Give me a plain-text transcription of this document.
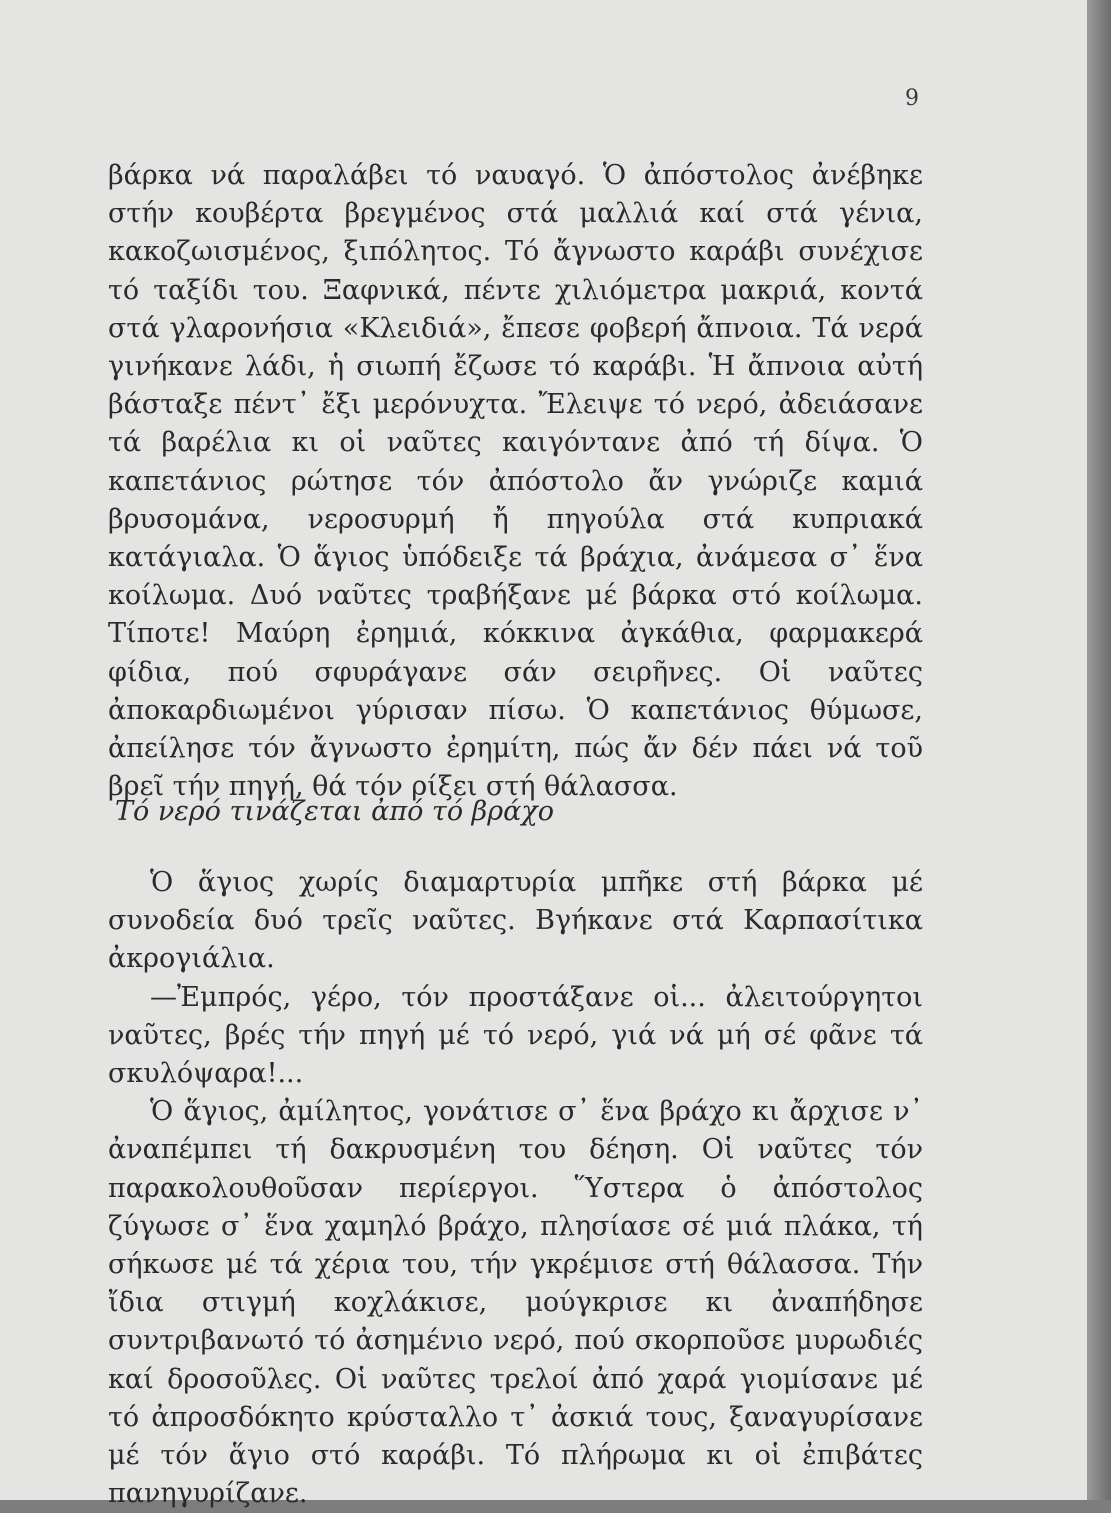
9

βάρκα νά παραλάβει τό ναυαγό. Ὁ ἀπόστολος ἀνέβηκε στήν κουβέρτα βρεγμένος στά μαλλιά καί στά γένια, κακοζωισμένος, ξιπόλητος. Τό ἄγνωστο καράβι συνέχισε τό ταξίδι του. Ξαφνικά, πέντε χιλιόμετρα μακριά, κοντά στά γλαρονήσια «Κλειδιά», ἔπεσε φοβερή ἄπνοια. Τά νερά γινήκανε λάδι, ἡ σιωπή ἔζωσε τό καράβι. Ἡ ἄπνοια αὐτή βάσταξε πέντ᾿ ἔξι μερόνυχτα. Ἔλειψε τό νερό, ἀδειάσανε τά βαρέλια κι οἱ ναῦτες καιγόντανε ἀπό τή δίψα. Ὁ καπετάνιος ρώτησε τόν ἀπόστολο ἄν γνώριζε καμιά βρυσομάνα, νεροσυρμή ἤ πηγούλα στά κυπριακά κατάγιαλα. Ὁ ἅγιος ὑπόδειξε τά βράχια, ἀνάμεσα σ᾿ ἕνα κοίλωμα. Δυό ναῦτες τραβήξανε μέ βάρκα στό κοίλωμα. Τίποτε! Μαύρη ἐρημιά, κόκκινα ἀγκάθια, φαρμακερά φίδια, πού σφυράγανε σάν σειρῆνες. Οἱ ναῦτες ἀποκαρδιωμένοι γύρισαν πίσω. Ὁ καπετάνιος θύμωσε, ἀπείλησε τόν ἄγνωστο ἐρημίτη, πώς ἄν δέν πάει νά τοῦ βρεῖ τήν πηγή, θά τόν ρίξει στή θάλασσα.

Τό νερό τινάζεται ἀπό τό βράχο

Ὁ ἅγιος χωρίς διαμαρτυρία μπῆκε στή βάρκα μέ συνοδεία δυό τρεῖς ναῦτες. Βγήκανε στά Καρπασίτικα ἀκρογιάλια.

—Ἐμπρός, γέρο, τόν προστάξανε οἱ... ἀλειτούργητοι ναῦτες, βρές τήν πηγή μέ τό νερό, γιά νά μή σέ φᾶνε τά σκυλόψαρα!...

Ὁ ἅγιος, ἀμίλητος, γονάτισε σ᾿ ἕνα βράχο κι ἄρχισε ν᾿ ἀναπέμπει τή δακρυσμένη του δέηση. Οἱ ναῦτες τόν παρακολουθοῦσαν περίεργοι. Ὕστερα ὁ ἀπόστολος ζύγωσε σ᾿ ἕνα χαμηλό βράχο, πλησίασε σέ μιά πλάκα, τή σήκωσε μέ τά χέρια του, τήν γκρέμισε στή θάλασσα. Τήν ἴδια στιγμή κοχλάκισε, μούγκρισε κι ἀναπήδησε συντριβανωτό τό ἀσημένιο νερό, πού σκορποῦσε μυρωδιές καί δροσοῦλες. Οἱ ναῦτες τρελοί ἀπό χαρά γιομίσανε μέ τό ἀπροσδόκητο κρύσταλλο τ᾿ ἀσκιά τους, ξαναγυρίσανε μέ τόν ἅγιο στό καράβι. Τό πλήρωμα κι οἱ ἐπιβάτες πανηγυρίζανε.
